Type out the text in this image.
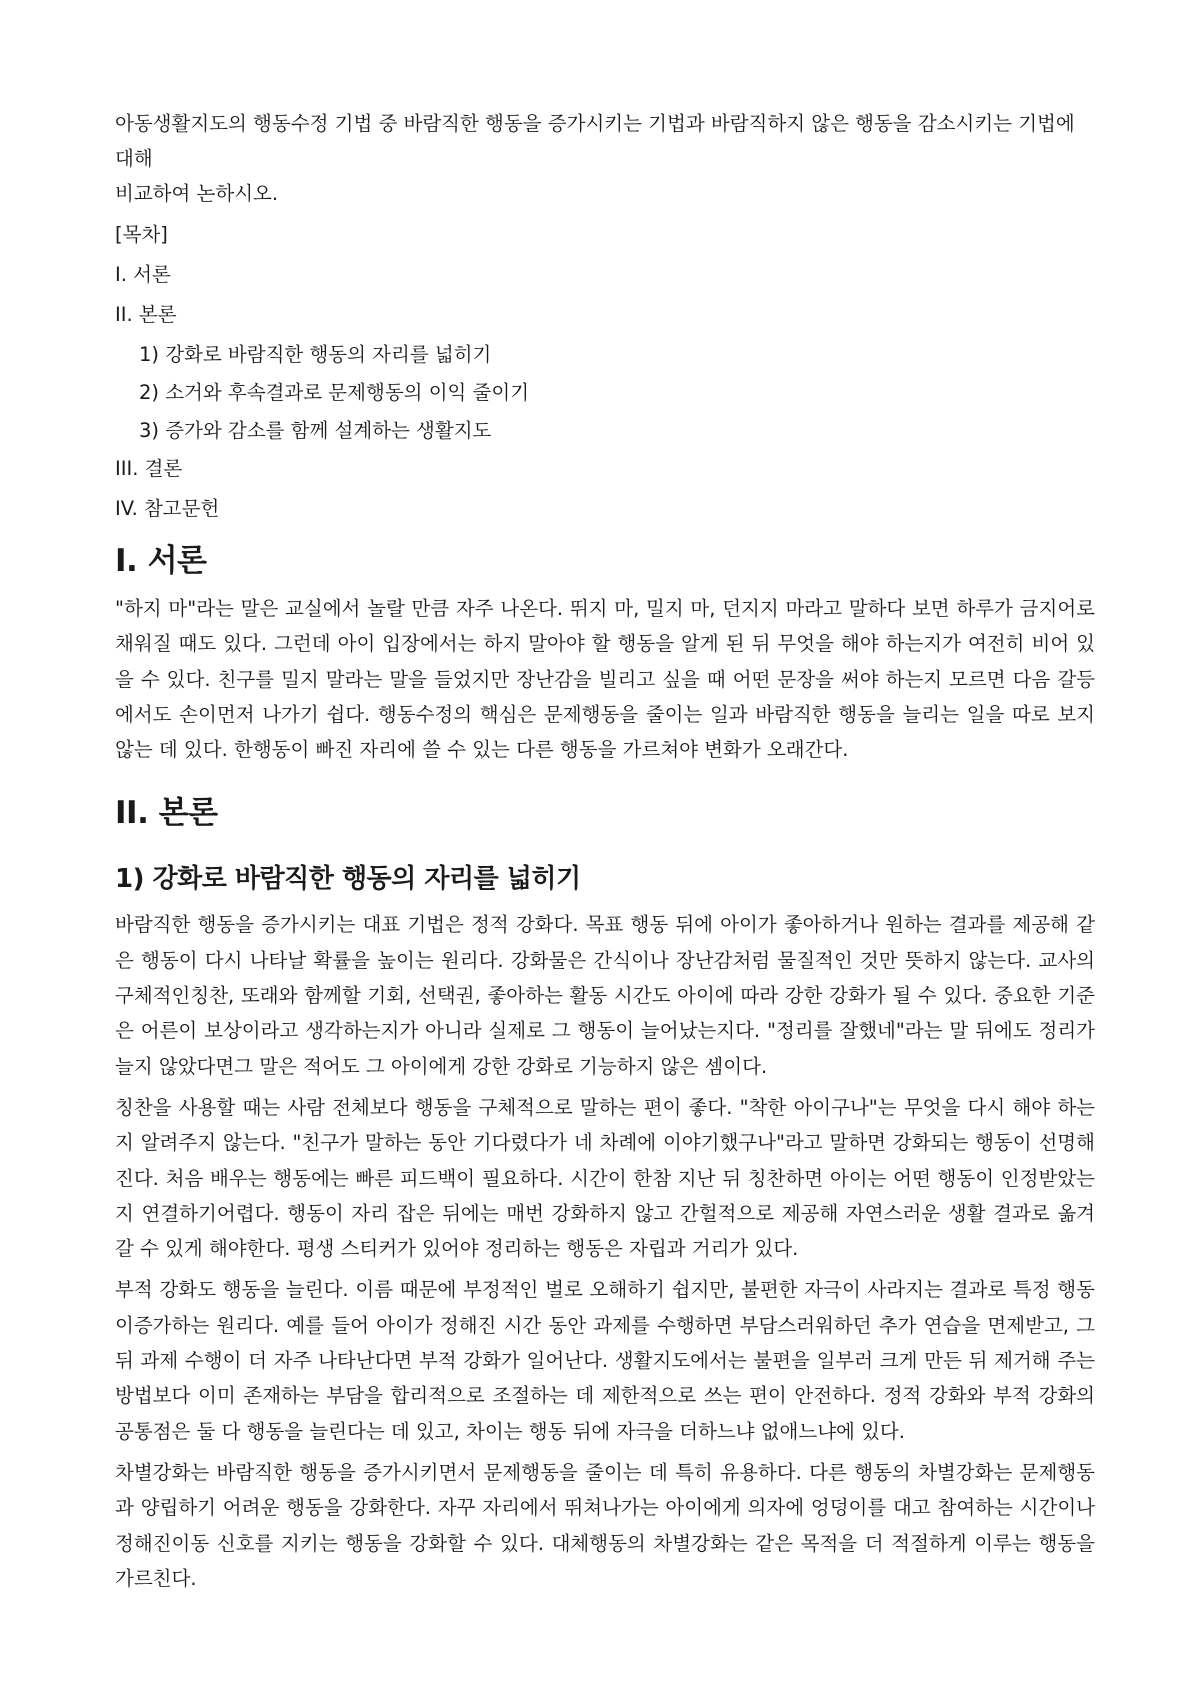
아동생활지도의 행동수정 기법 중 바람직한 행동을 증가시키는 기법과 바람직하지 않은 행동을 감소시키는 기법에 대해

비교하여 논하시오.

[목차]
I. 서론
II. 본론
1) 강화로 바람직한 행동의 자리를 넓히기
2) 소거와 후속결과로 문제행동의 이익 줄이기
3) 증가와 감소를 함께 설계하는 생활지도
III. 결론
IV. 참고문헌
I. 서론

"하지 마"라는 말은 교실에서 놀랄 만큼 자주 나온다. 뛰지 마, 밀지 마, 던지지 마라고 말하다 보면 하루가 금지어로 채워질 때도 있다. 그런데 아이 입장에서는 하지 말아야 할 행동을 알게 된 뒤 무엇을 해야 하는지가 여전히 비어 있을 수 있다. 친구를 밀지 말라는 말을 들었지만 장난감을 빌리고 싶을 때 어떤 문장을 써야 하는지 모르면 다음 갈등에서도 손이먼저 나가기 쉽다. 행동수정의 핵심은 문제행동을 줄이는 일과 바람직한 행동을 늘리는 일을 따로 보지 않는 데 있다. 한행동이 빠진 자리에 쓸 수 있는 다른 행동을 가르쳐야 변화가 오래간다.

II. 본론
1) 강화로 바람직한 행동의 자리를 넓히기

바람직한 행동을 증가시키는 대표 기법은 정적 강화다. 목표 행동 뒤에 아이가 좋아하거나 원하는 결과를 제공해 같은 행동이 다시 나타날 확률을 높이는 원리다. 강화물은 간식이나 장난감처럼 물질적인 것만 뜻하지 않는다. 교사의 구체적인칭찬, 또래와 함께할 기회, 선택권, 좋아하는 활동 시간도 아이에 따라 강한 강화가 될 수 있다. 중요한 기준은 어른이 보상이라고 생각하는지가 아니라 실제로 그 행동이 늘어났는지다. "정리를 잘했네"라는 말 뒤에도 정리가 늘지 않았다면그 말은 적어도 그 아이에게 강한 강화로 기능하지 않은 셈이다.

칭찬을 사용할 때는 사람 전체보다 행동을 구체적으로 말하는 편이 좋다. "착한 아이구나"는 무엇을 다시 해야 하는지 알려주지 않는다. "친구가 말하는 동안 기다렸다가 네 차례에 이야기했구나"라고 말하면 강화되는 행동이 선명해진다. 처음 배우는 행동에는 빠른 피드백이 필요하다. 시간이 한참 지난 뒤 칭찬하면 아이는 어떤 행동이 인정받았는지 연결하기어렵다. 행동이 자리 잡은 뒤에는 매번 강화하지 않고 간헐적으로 제공해 자연스러운 생활 결과로 옮겨 갈 수 있게 해야한다. 평생 스티커가 있어야 정리하는 행동은 자립과 거리가 있다.

부적 강화도 행동을 늘린다. 이름 때문에 부정적인 벌로 오해하기 쉽지만, 불편한 자극이 사라지는 결과로 특정 행동이증가하는 원리다. 예를 들어 아이가 정해진 시간 동안 과제를 수행하면 부담스러워하던 추가 연습을 면제받고, 그 뒤 과제 수행이 더 자주 나타난다면 부적 강화가 일어난다. 생활지도에서는 불편을 일부러 크게 만든 뒤 제거해 주는 방법보다 이미 존재하는 부담을 합리적으로 조절하는 데 제한적으로 쓰는 편이 안전하다. 정적 강화와 부적 강화의 공통점은 둘 다 행동을 늘린다는 데 있고, 차이는 행동 뒤에 자극을 더하느냐 없애느냐에 있다.

차별강화는 바람직한 행동을 증가시키면서 문제행동을 줄이는 데 특히 유용하다. 다른 행동의 차별강화는 문제행동과 양립하기 어려운 행동을 강화한다. 자꾸 자리에서 뛰쳐나가는 아이에게 의자에 엉덩이를 대고 참여하는 시간이나 정해진이동 신호를 지키는 행동을 강화할 수 있다. 대체행동의 차별강화는 같은 목적을 더 적절하게 이루는 행동을 가르친다.
